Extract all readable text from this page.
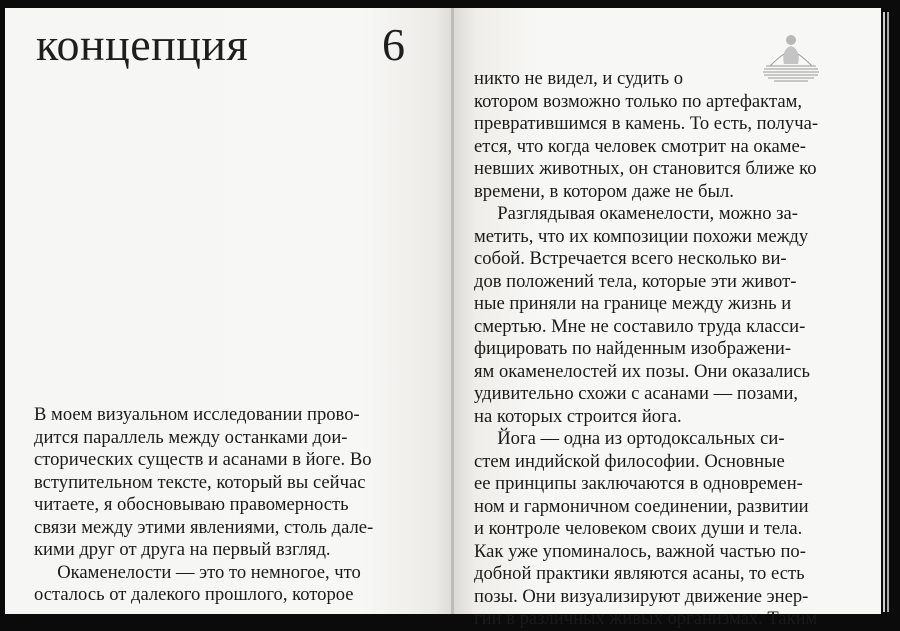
концепция	6
В моем визуальном исследовании прово-
дится параллель между останками дои-
сторических существ и асанами в йоге. Во
вступительном тексте, который вы сейчас
читаете, я обосновываю правомерность
связи между этими явлениями, столь дале-
кими друг от друга на первый взгляд.
Окаменелости — это то немногое, что
осталось от далекого прошлого, которое
никто не видел, и судить о
котором возможно только по артефактам,
превратившимся в камень. То есть, получа-
ется, что когда человек смотрит на окаме-
невших животных, он становится ближе ко
времени, в котором даже не был.
Разглядывая окаменелости, можно за-
метить, что их композиции похожи между
собой. Встречается всего несколько ви-
дов положений тела, которые эти живот-
ные приняли на границе между жизнь и
смертью. Мне не составило труда класси-
фицировать по найденным изображени-
ям окаменелостей их позы. Они оказались
удивительно схожи с асанами — позами,
на которых строится йога.
Йога — одна из ортодоксальных си-
стем индийской философии. Основные
ее принципы заключаются в одновремен-
ном и гармоничном соединении, развитии
и контроле человеком своих души и тела.
Как уже упоминалось, важной частью по-
добной практики являются асаны, то есть
позы. Они визуализируют движение энер-
гии в различных живых организмах. Таким
